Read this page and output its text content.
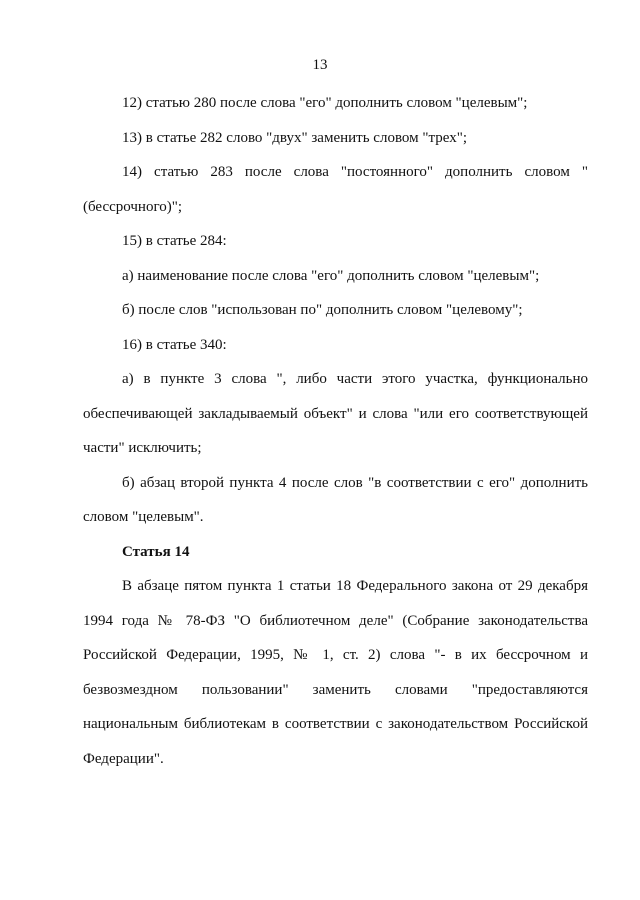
13

12) статью 280 после слова "его" дополнить словом "целевым";

13) в статье 282 слово "двух" заменить словом "трех";

14) статью 283 после слова "постоянного" дополнить словом "(бессрочного)";

15) в статье 284:

а) наименование после слова "его" дополнить словом "целевым";

б) после слов "использован по" дополнить словом "целевому";

16) в статье 340:

а) в пункте 3 слова ", либо части этого участка, функционально обеспечивающей закладываемый объект" и слова "или его соответствующей части" исключить;

б) абзац второй пункта 4 после слов "в соответствии с его" дополнить словом "целевым".

Статья 14

В абзаце пятом пункта 1 статьи 18 Федерального закона от 29 декабря 1994 года № 78-ФЗ "О библиотечном деле" (Собрание законодательства Российской Федерации, 1995, № 1, ст. 2) слова "- в их бессрочном и безвозмездном пользовании" заменить словами "предоставляются национальным библиотекам в соответствии с законодательством Российской Федерации".
